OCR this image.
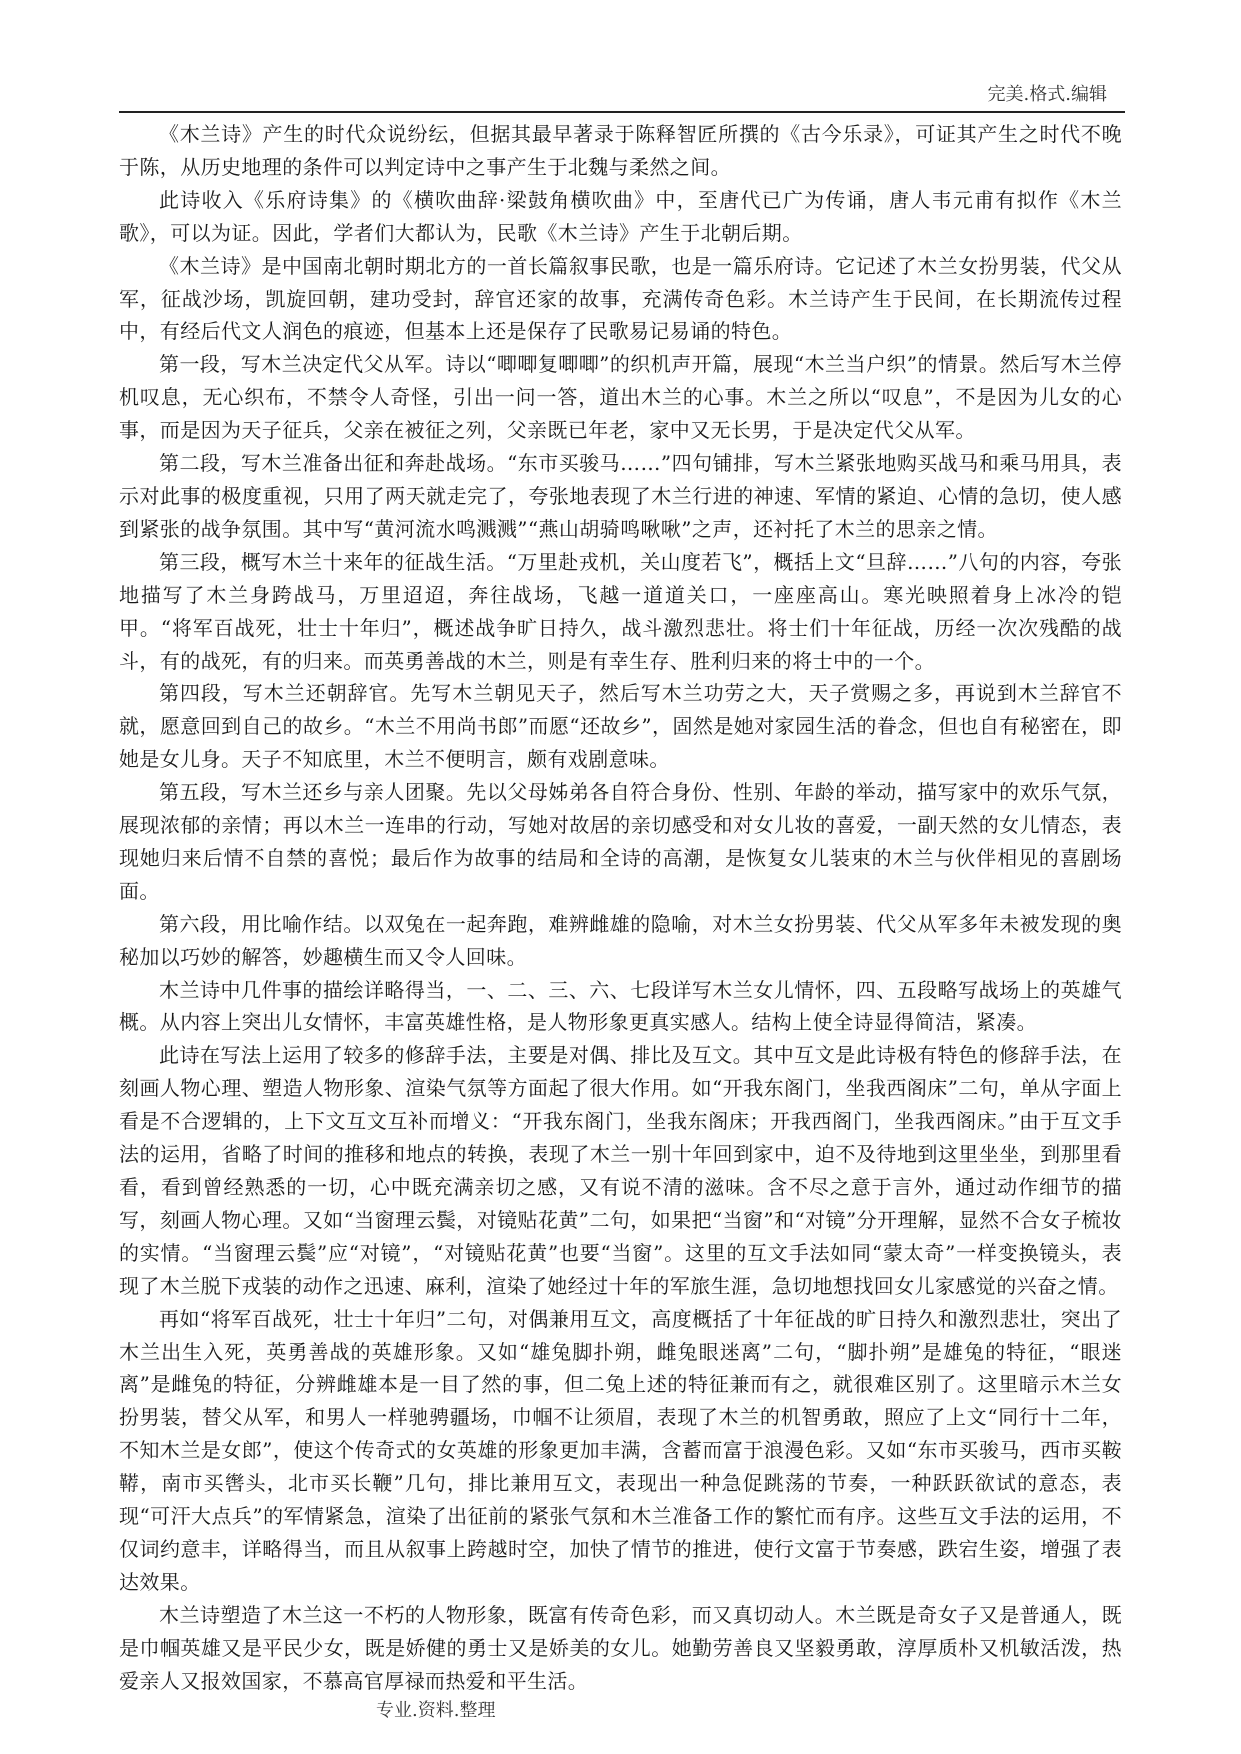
完美.格式.编辑

《木兰诗》产生的时代众说纷纭，但据其最早著录于陈释智匠所撰的《古今乐录》，可证其产生之时代不晚于陈，从历史地理的条件可以判定诗中之事产生于北魏与柔然之间。

此诗收入《乐府诗集》的《横吹曲辞·梁鼓角横吹曲》中，至唐代已广为传诵，唐人韦元甫有拟作《木兰歌》，可以为证。因此，学者们大都认为，民歌《木兰诗》产生于北朝后期。

《木兰诗》是中国南北朝时期北方的一首长篇叙事民歌，也是一篇乐府诗。它记述了木兰女扮男装，代父从军，征战沙场，凯旋回朝，建功受封，辞官还家的故事，充满传奇色彩。木兰诗产生于民间，在长期流传过程中，有经后代文人润色的痕迹，但基本上还是保存了民歌易记易诵的特色。

第一段，写木兰决定代父从军。诗以“唧唧复唧唧”的织机声开篇，展现“木兰当户织”的情景。然后写木兰停机叹息，无心织布，不禁令人奇怪，引出一问一答，道出木兰的心事。木兰之所以“叹息”，不是因为儿女的心事，而是因为天子征兵，父亲在被征之列，父亲既已年老，家中又无长男，于是决定代父从军。

第二段，写木兰准备出征和奔赴战场。“东市买骏马……”四句铺排，写木兰紧张地购买战马和乘马用具，表示对此事的极度重视，只用了两天就走完了，夸张地表现了木兰行进的神速、军情的紧迫、心情的急切，使人感到紧张的战争氛围。其中写“黄河流水鸣溅溅”“燕山胡骑鸣啾啾”之声，还衬托了木兰的思亲之情。

第三段，概写木兰十来年的征战生活。“万里赴戎机，关山度若飞”，概括上文“旦辞……”八句的内容，夸张地描写了木兰身跨战马，万里迢迢，奔往战场，飞越一道道关口，一座座高山。寒光映照着身上冰冷的铠甲。“将军百战死，壮士十年归”，概述战争旷日持久，战斗激烈悲壮。将士们十年征战，历经一次次残酷的战斗，有的战死，有的归来。而英勇善战的木兰，则是有幸生存、胜利归来的将士中的一个。

第四段，写木兰还朝辞官。先写木兰朝见天子，然后写木兰功劳之大，天子赏赐之多，再说到木兰辞官不就，愿意回到自己的故乡。“木兰不用尚书郎”而愿“还故乡”，固然是她对家园生活的眷念，但也自有秘密在，即她是女儿身。天子不知底里，木兰不便明言，颇有戏剧意味。

第五段，写木兰还乡与亲人团聚。先以父母姊弟各自符合身份、性别、年龄的举动，描写家中的欢乐气氛，展现浓郁的亲情；再以木兰一连串的行动，写她对故居的亲切感受和对女儿妆的喜爱，一副天然的女儿情态，表现她归来后情不自禁的喜悦；最后作为故事的结局和全诗的高潮，是恢复女儿装束的木兰与伙伴相见的喜剧场面。

第六段，用比喻作结。以双兔在一起奔跑，难辨雌雄的隐喻，对木兰女扮男装、代父从军多年未被发现的奥秘加以巧妙的解答，妙趣横生而又令人回味。

木兰诗中几件事的描绘详略得当，一、二、三、六、七段详写木兰女儿情怀，四、五段略写战场上的英雄气概。从内容上突出儿女情怀，丰富英雄性格，是人物形象更真实感人。结构上使全诗显得简洁，紧凑。

此诗在写法上运用了较多的修辞手法，主要是对偶、排比及互文。其中互文是此诗极有特色的修辞手法，在刻画人物心理、塑造人物形象、渲染气氛等方面起了很大作用。如“开我东阁门，坐我西阁床”二句，单从字面上看是不合逻辑的，上下文互文互补而增义：“开我东阁门，坐我东阁床；开我西阁门，坐我西阁床。”由于互文手法的运用，省略了时间的推移和地点的转换，表现了木兰一别十年回到家中，迫不及待地到这里坐坐，到那里看看，看到曾经熟悉的一切，心中既充满亲切之感，又有说不清的滋味。含不尽之意于言外，通过动作细节的描写，刻画人物心理。又如“当窗理云鬓，对镜贴花黄”二句，如果把“当窗”和“对镜”分开理解，显然不合女子梳妆的实情。“当窗理云鬓”应“对镜”，“对镜贴花黄”也要“当窗”。这里的互文手法如同“蒙太奇”一样变换镜头，表现了木兰脱下戎装的动作之迅速、麻利，渲染了她经过十年的军旅生涯，急切地想找回女儿家感觉的兴奋之情。

再如“将军百战死，壮士十年归”二句，对偶兼用互文，高度概括了十年征战的旷日持久和激烈悲壮，突出了木兰出生入死，英勇善战的英雄形象。又如“雄兔脚扑朔，雌兔眼迷离”二句，“脚扑朔”是雄兔的特征，“眼迷离”是雌兔的特征，分辨雌雄本是一目了然的事，但二兔上述的特征兼而有之，就很难区别了。这里暗示木兰女扮男装，替父从军，和男人一样驰骋疆场，巾帼不让须眉，表现了木兰的机智勇敢，照应了上文“同行十二年，不知木兰是女郎”，使这个传奇式的女英雄的形象更加丰满，含蓄而富于浪漫色彩。又如“东市买骏马，西市买鞍鞯，南市买辔头，北市买长鞭”几句，排比兼用互文，表现出一种急促跳荡的节奏，一种跃跃欲试的意态，表现“可汗大点兵”的军情紧急，渲染了出征前的紧张气氛和木兰准备工作的繁忙而有序。这些互文手法的运用，不仅词约意丰，详略得当，而且从叙事上跨越时空，加快了情节的推进，使行文富于节奏感，跌宕生姿，增强了表达效果。

木兰诗塑造了木兰这一不朽的人物形象，既富有传奇色彩，而又真切动人。木兰既是奇女子又是普通人，既是巾帼英雄又是平民少女，既是娇健的勇士又是娇美的女儿。她勤劳善良又坚毅勇敢，淳厚质朴又机敏活泼，热爱亲人又报效国家，不慕高官厚禄而热爱和平生活。

专业.资料.整理
